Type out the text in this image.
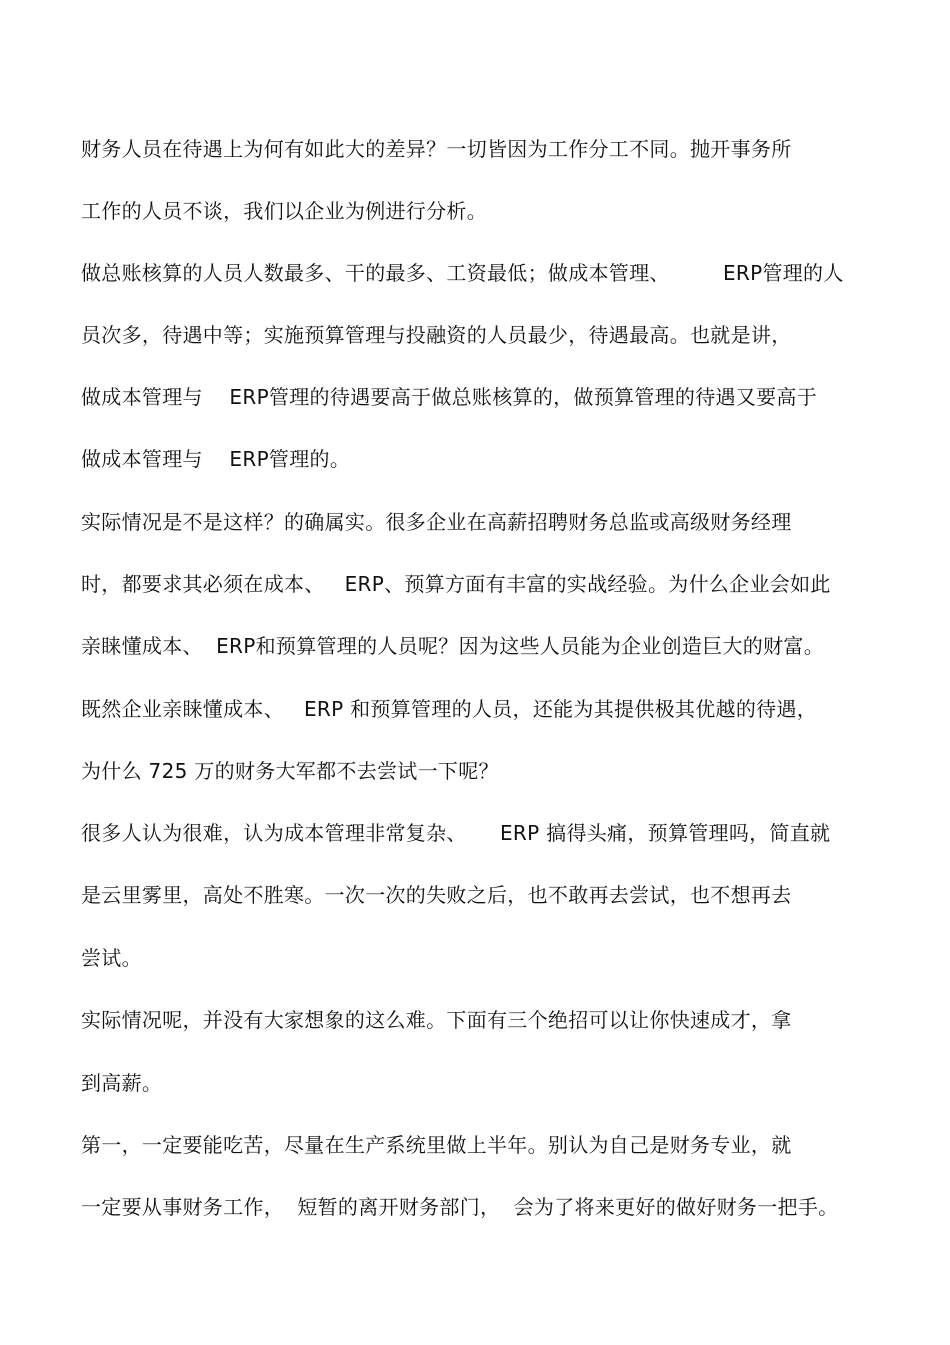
财务人员在待遇上为何有如此大的差异？一切皆因为工作分工不同。抛开事务所
工作的人员不谈，我们以企业为例进行分析。
做总账核算的人员人数最多、干的最多、工资最低；做成本管理、        ERP管理的人
员次多，待遇中等；实施预算管理与投融资的人员最少，待遇最高。也就是讲，
做成本管理与    ERP管理的待遇要高于做总账核算的，做预算管理的待遇又要高于
做成本管理与    ERP管理的。
实际情况是不是这样？的确属实。很多企业在高薪招聘财务总监或高级财务经理
时，都要求其必须在成本、   ERP、预算方面有丰富的实战经验。为什么企业会如此
亲睐懂成本、  ERP和预算管理的人员呢？因为这些人员能为企业创造巨大的财富。
既然企业亲睐懂成本、   ERP 和预算管理的人员，还能为其提供极其优越的待遇，
为什么 725 万的财务大军都不去尝试一下呢？
很多人认为很难，认为成本管理非常复杂、     ERP 搞得头痛，预算管理吗，简直就
是云里雾里，高处不胜寒。一次一次的失败之后，也不敢再去尝试，也不想再去
尝试。
实际情况呢，并没有大家想象的这么难。下面有三个绝招可以让你快速成才，拿
到高薪。
第一，一定要能吃苦，尽量在生产系统里做上半年。别认为自己是财务专业，就
一定要从事财务工作，  短暂的离开财务部门，  会为了将来更好的做好财务一把手。
